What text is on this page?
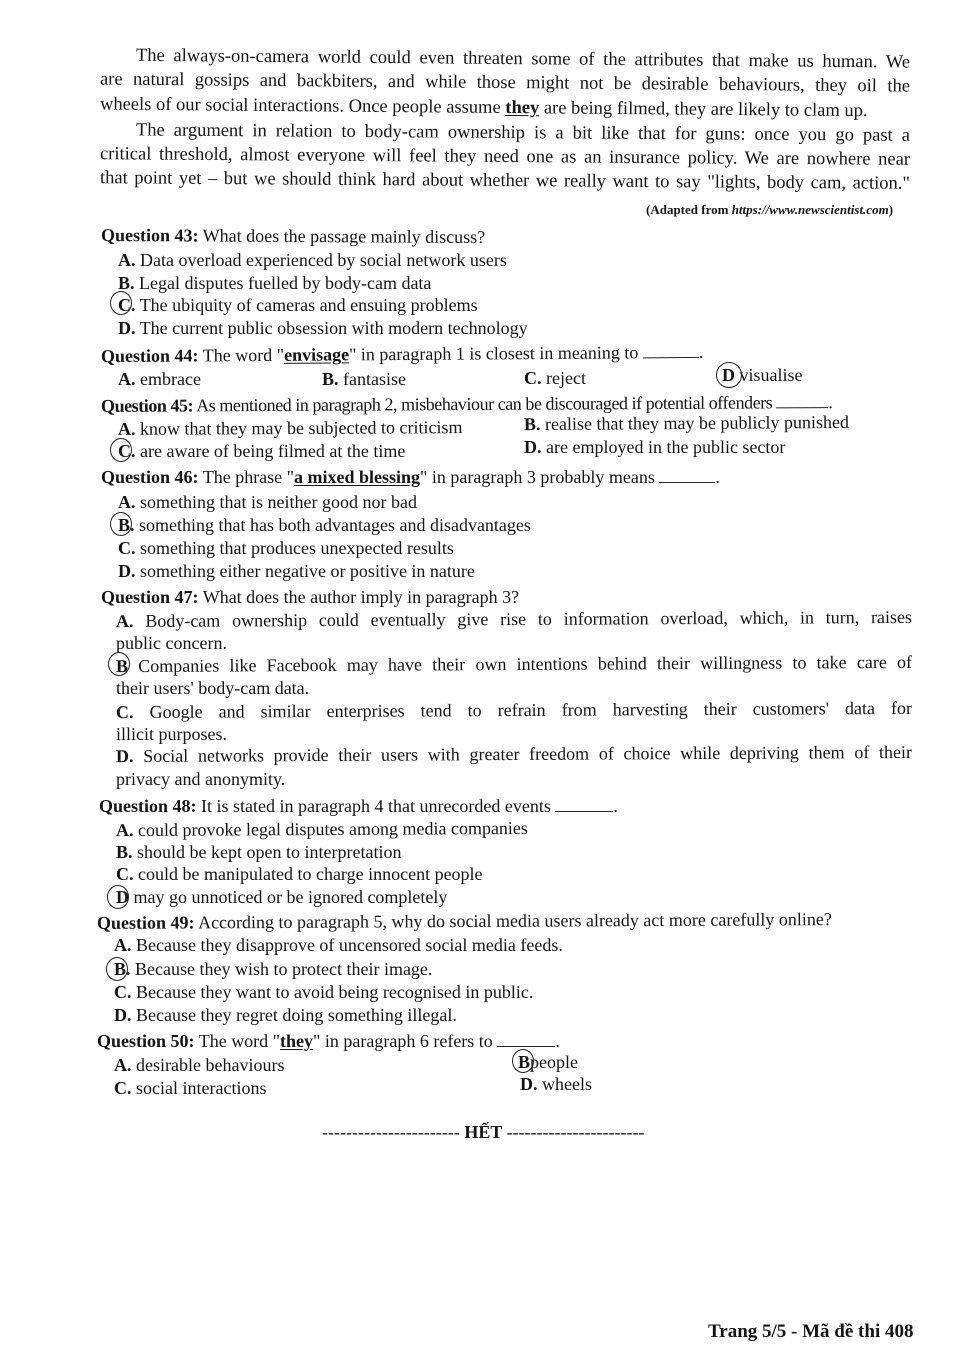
The always-on-camera world could even threaten some of the attributes that make us human. We
are natural gossips and backbiters, and while those might not be desirable behaviours, they oil the
wheels of our social interactions. Once people assume they are being filmed, they are likely to clam up.
The argument in relation to body-cam ownership is a bit like that for guns: once you go past a
critical threshold, almost everyone will feel they need one as an insurance policy. We are nowhere near
that point yet – but we should think hard about whether we really want to say "lights, body cam, action."
(Adapted from https://www.newscientist.com)
Question 43: What does the passage mainly discuss?
A. Data overload experienced by social network users
B. Legal disputes fuelled by body-cam data
C. The ubiquity of cameras and ensuing problems
D. The current public obsession with modern technology
Question 44: The word "envisage" in paragraph 1 is closest in meaning to	.
A. embrace	B. fantasise	C. reject	D visualise
Question 45: As mentioned in paragraph 2, misbehaviour can be discouraged if potential offenders	.
A. know that they may be subjected to criticism	B. realise that they may be publicly punished
C. are aware of being filmed at the time	D. are employed in the public sector
Question 46: The phrase "a mixed blessing" in paragraph 3 probably means	.
A. something that is neither good nor bad
B. something that has both advantages and disadvantages
C. something that produces unexpected results
D. something either negative or positive in nature
Question 47: What does the author imply in paragraph 3?
A. Body-cam ownership could eventually give rise to information overload, which, in turn, raises
public concern.
B Companies like Facebook may have their own intentions behind their willingness to take care of
their users' body-cam data.
C. Google and similar enterprises tend to refrain from harvesting their customers' data for
illicit purposes.
D. Social networks provide their users with greater freedom of choice while depriving them of their
privacy and anonymity.
Question 48: It is stated in paragraph 4 that unrecorded events	.
A. could provoke legal disputes among media companies
B. should be kept open to interpretation
C. could be manipulated to charge innocent people
D may go unnoticed or be ignored completely
Question 49: According to paragraph 5, why do social media users already act more carefully online?
A. Because they disapprove of uncensored social media feeds.
B. Because they wish to protect their image.
C. Because they want to avoid being recognised in public.
D. Because they regret doing something illegal.
Question 50: The word "they" in paragraph 6 refers to	.
A. desirable behaviours	Bpeople
C. social interactions	D. wheels
----------------------- HẾT -----------------------
Trang 5/5 - Mã đề thi 408
